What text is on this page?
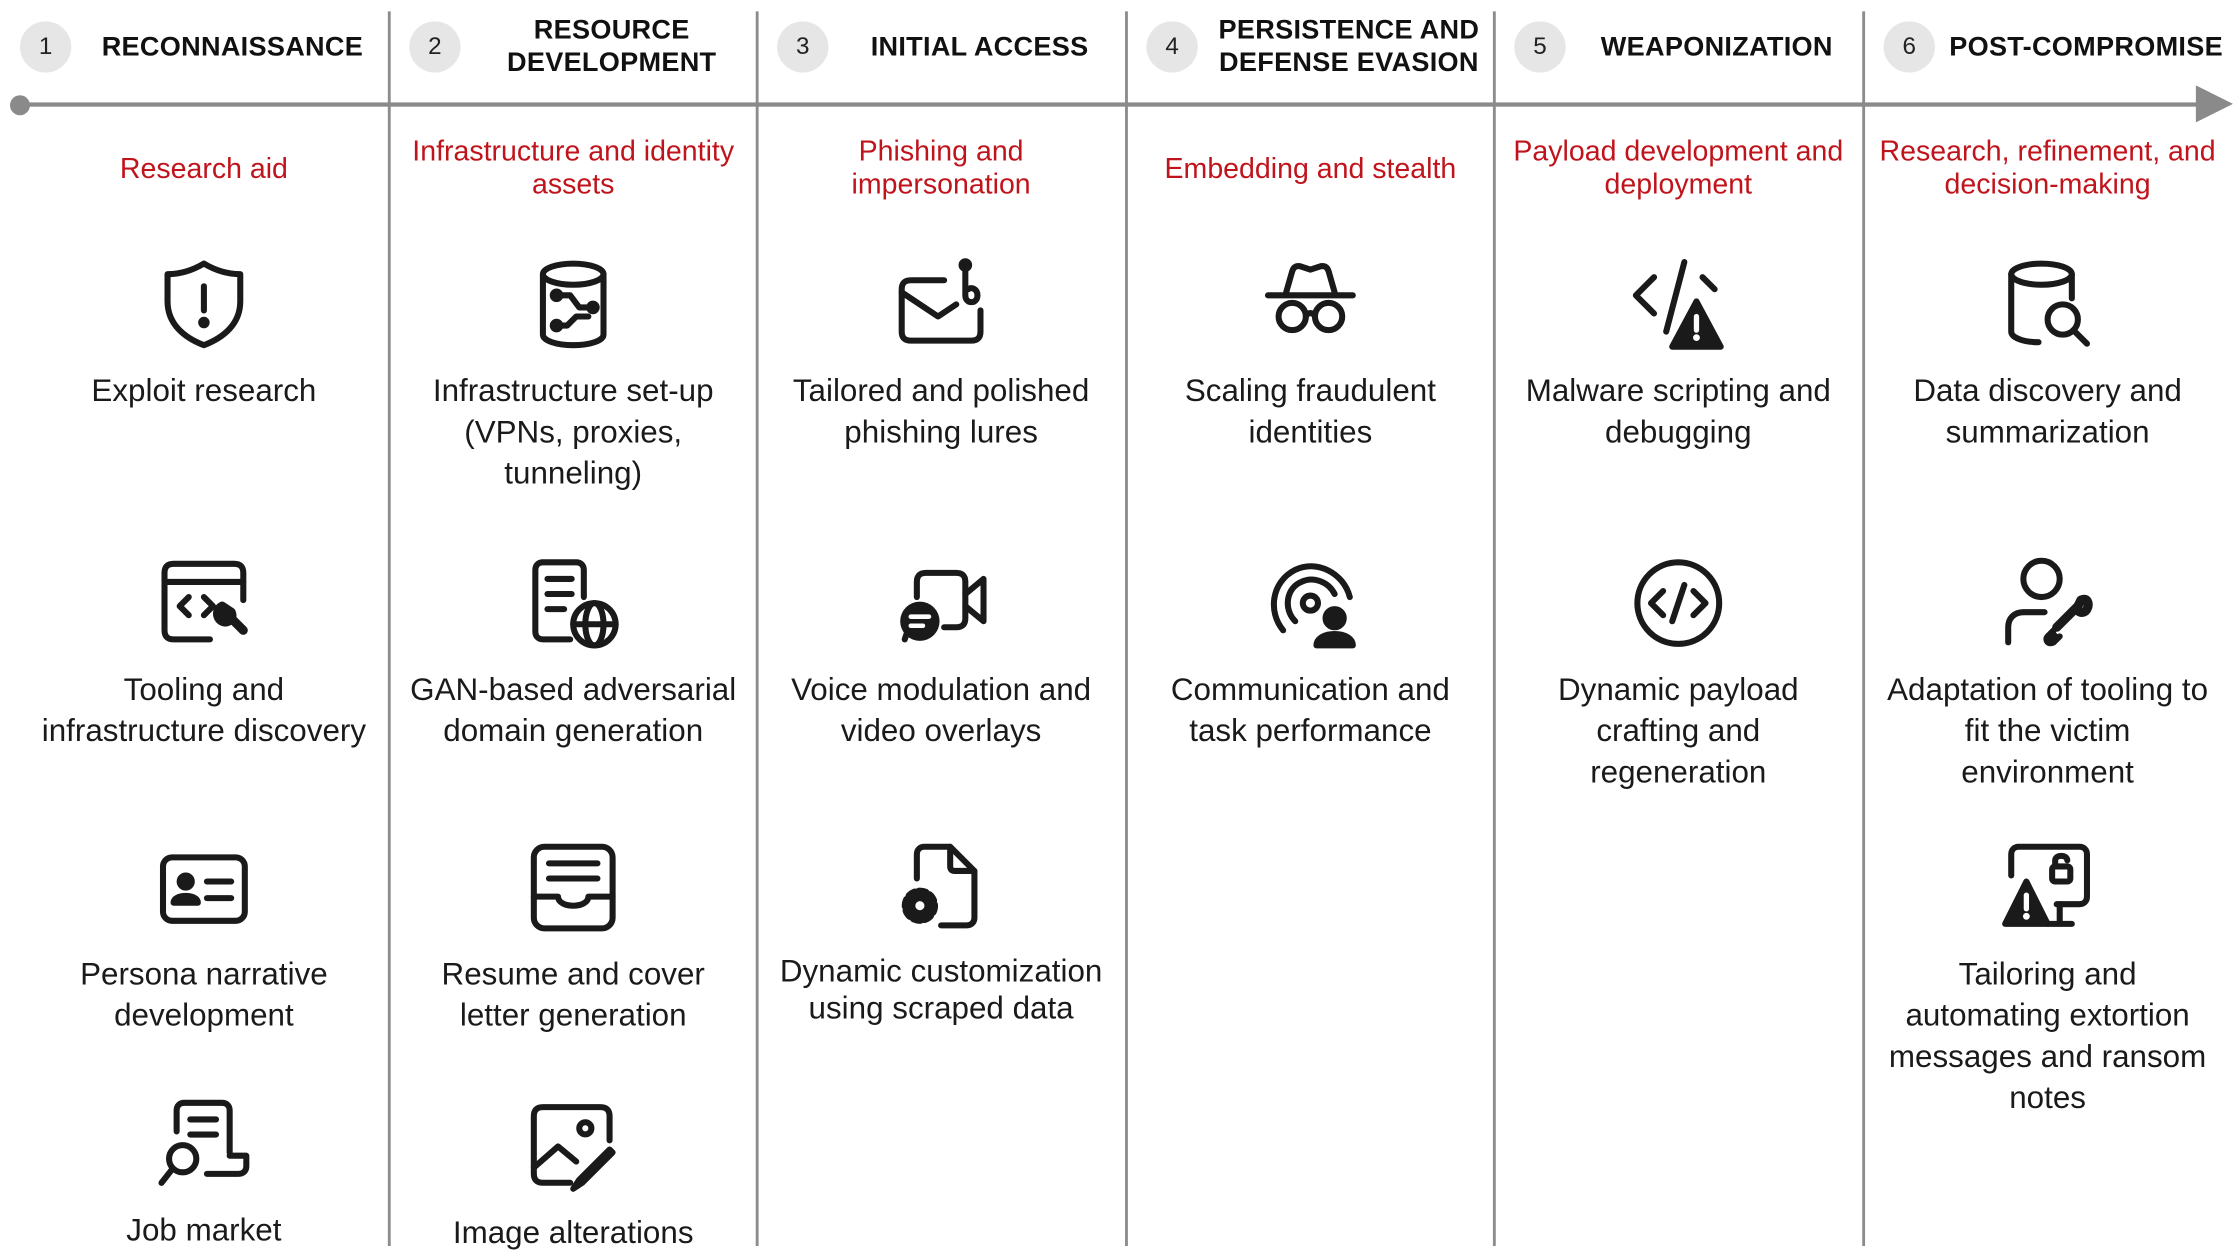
1	RECONNAISSANCE
Research aid
Exploit research
Tooling and infrastructure discovery
Persona narrative development
Job market
2
RESOURCE DEVELOPMENT
Infrastructure and identity assets
Infrastructure set-up (VPNs, proxies, tunneling)
GAN-based adversarial domain generation
Resume and cover letter generation
Image alterations
3	INITIAL ACCESS
Phishing and impersonation
Tailored and polished phishing lures
Voice modulation and video overlays
Dynamic customization using scraped data
4
PERSISTENCE AND DEFENSE EVASION
Embedding and stealth
Scaling fraudulent identities
Communication and task performance
5	WEAPONIZATION
Payload development and deployment
Malware scripting and debugging
Dynamic payload crafting and regeneration
6	POST-COMPROMISE
Research, refinement, and decision-making
Data discovery and summarization
Adaptation of tooling to fit the victim environment
Tailoring and automating extortion messages and ransom notes
